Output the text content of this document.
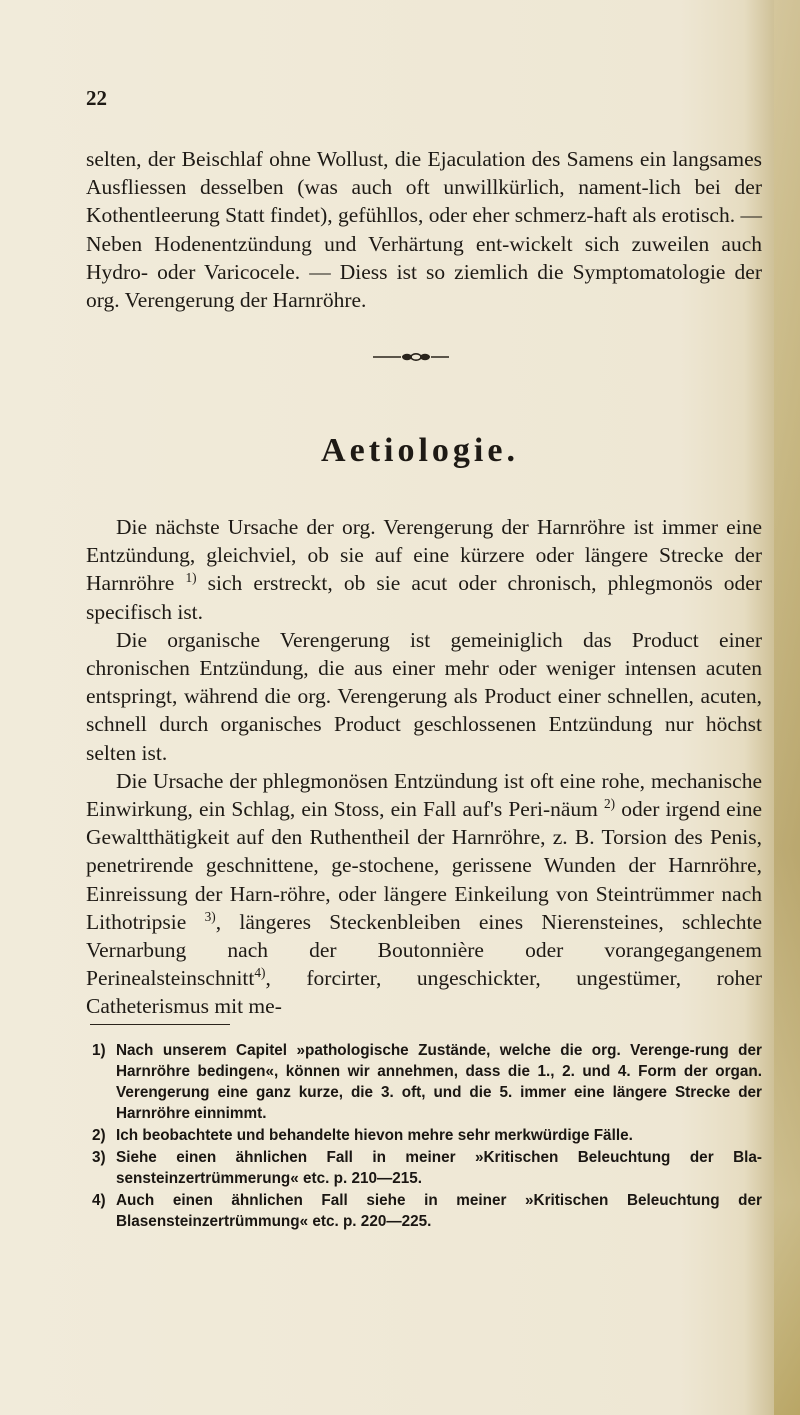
22

selten, der Beischlaf ohne Wollust, die Ejaculation des Samens ein langsames Ausfliessen desselben (was auch oft unwillkürlich, nament-lich bei der Kothentleerung Statt findet), gefühllos, oder eher schmerz-haft als erotisch. — Neben Hodenentzündung und Verhärtung ent-wickelt sich zuweilen auch Hydro- oder Varicocele. — Diess ist so ziemlich die Symptomatologie der org. Verengerung der Harnröhre.

Aetiologie.

Die nächste Ursache der org. Verengerung der Harnröhre ist immer eine Entzündung, gleichviel, ob sie auf eine kürzere oder längere Strecke der Harnröhre $^{1)}$ sich erstreckt, ob sie acut oder chronisch, phlegmonös oder specifisch ist.

Die organische Verengerung ist gemeiniglich das Product einer chronischen Entzündung, die aus einer mehr oder weniger intensen acuten entspringt, während die org. Verengerung als Product einer schnellen, acuten, schnell durch organisches Product geschlossenen Entzündung nur höchst selten ist.

Die Ursache der phlegmonösen Entzündung ist oft eine rohe, mechanische Einwirkung, ein Schlag, ein Stoss, ein Fall auf's Peri-näum $^{2)}$ oder irgend eine Gewaltthätigkeit auf den Ruthentheil der Harnröhre, z. B. Torsion des Penis, penetrirende geschnittene, ge-stochene, gerissene Wunden der Harnröhre, Einreissung der Harn-röhre, oder längere Einkeilung von Steintrümmer nach Lithotripsie $^{3)}$, längeres Steckenbleiben eines Nierensteines, schlechte Vernarbung nach der Boutonnière oder vorangegangenem Perinealsteinschnitt$^{4)}$, forcirter, ungeschickter, ungestümer, roher Catheterismus mit me-

1) Nach unserem Capitel »pathologische Zustände, welche die org. Verenge-rung der Harnröhre bedingen«, können wir annehmen, dass die 1., 2. und 4. Form der organ. Verengerung eine ganz kurze, die 3. oft, und die 5. immer eine längere Strecke der Harnröhre einnimmt.
2) Ich beobachtete und behandelte hievon mehre sehr merkwürdige Fälle.
3) Siehe einen ähnlichen Fall in meiner »Kritischen Beleuchtung der Bla-sensteinzertrümmerung« etc. p. 210—215.
4) Auch einen ähnlichen Fall siehe in meiner »Kritischen Beleuchtung der Blasensteinzertrümmung« etc. p. 220—225.
